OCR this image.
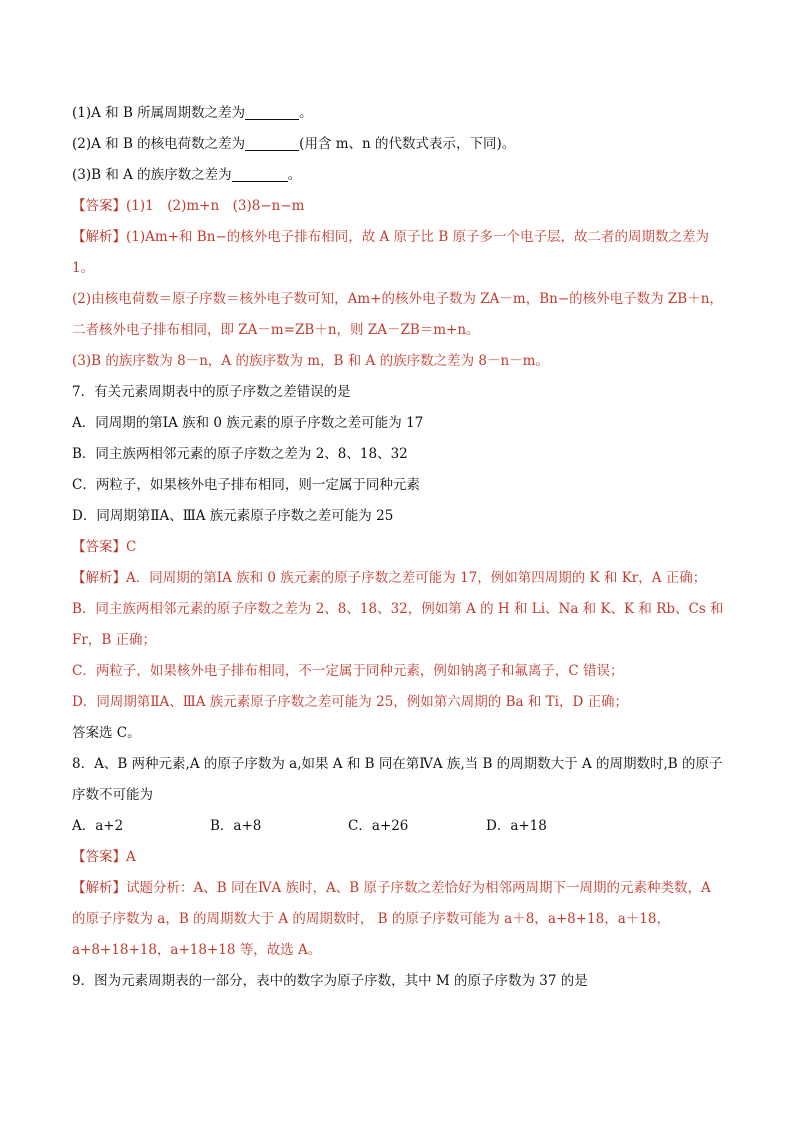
(1)A 和 B 所属周期数之差为	。
(2)A 和 B 的核电荷数之差为	(用含 m、n 的代数式表示，下同)。
(3)B 和 A 的族序数之差为	。
【答案】(1)1　(2)m+n　(3)8−n−m
【解析】(1)Am+和 Bn−的核外电子排布相同，故 A 原子比 B 原子多一个电子层，故二者的周期数之差为
1。
(2)由核电荷数＝原子序数＝核外电子数可知，Am+的核外电子数为 ZA－m，Bn−的核外电子数为 ZB＋n，
二者核外电子排布相同，即 ZA－m=ZB＋n，则 ZA－ZB＝m+n。
(3)B 的族序数为 8－n，A 的族序数为 m，B 和 A 的族序数之差为 8－n－m。
7．有关元素周期表中的原子序数之差错误的是
A．同周期的第ⅠA 族和 0 族元素的原子序数之差可能为 17
B．同主族两相邻元素的原子序数之差为 2、8、18、32
C．两粒子，如果核外电子排布相同，则一定属于同种元素
D．同周期第ⅡA、ⅢA 族元素原子序数之差可能为 25
【答案】C
【解析】A．同周期的第ⅠA 族和 0 族元素的原子序数之差可能为 17，例如第四周期的 K 和 Kr，A 正确；
B．同主族两相邻元素的原子序数之差为 2、8、18、32，例如第 A 的 H 和 Li、Na 和 K、K 和 Rb、Cs 和
Fr，B 正确；
C．两粒子，如果核外电子排布相同，不一定属于同种元素，例如钠离子和氟离子，C 错误；
D．同周期第ⅡA、ⅢA 族元素原子序数之差可能为 25，例如第六周期的 Ba 和 Ti，D 正确；
答案选 C。
8．A、B 两种元素,A 的原子序数为 a,如果 A 和 B 同在第ⅣA 族,当 B 的周期数大于 A 的周期数时,B 的原子
序数不可能为
A．a+2	B．a+8	C．a+26	D．a+18
【答案】A
【解析】试题分析：A、B 同在ⅣA 族时，A、B 原子序数之差恰好为相邻两周期下一周期的元素种类数，A
的原子序数为 a，B 的周期数大于 A 的周期数时， B 的原子序数可能为 a＋8，a+8+18，a＋18，
a+8+18+18，a+18+18 等，故选 A。
9．图为元素周期表的一部分，表中的数字为原子序数，其中 M 的原子序数为 37 的是
